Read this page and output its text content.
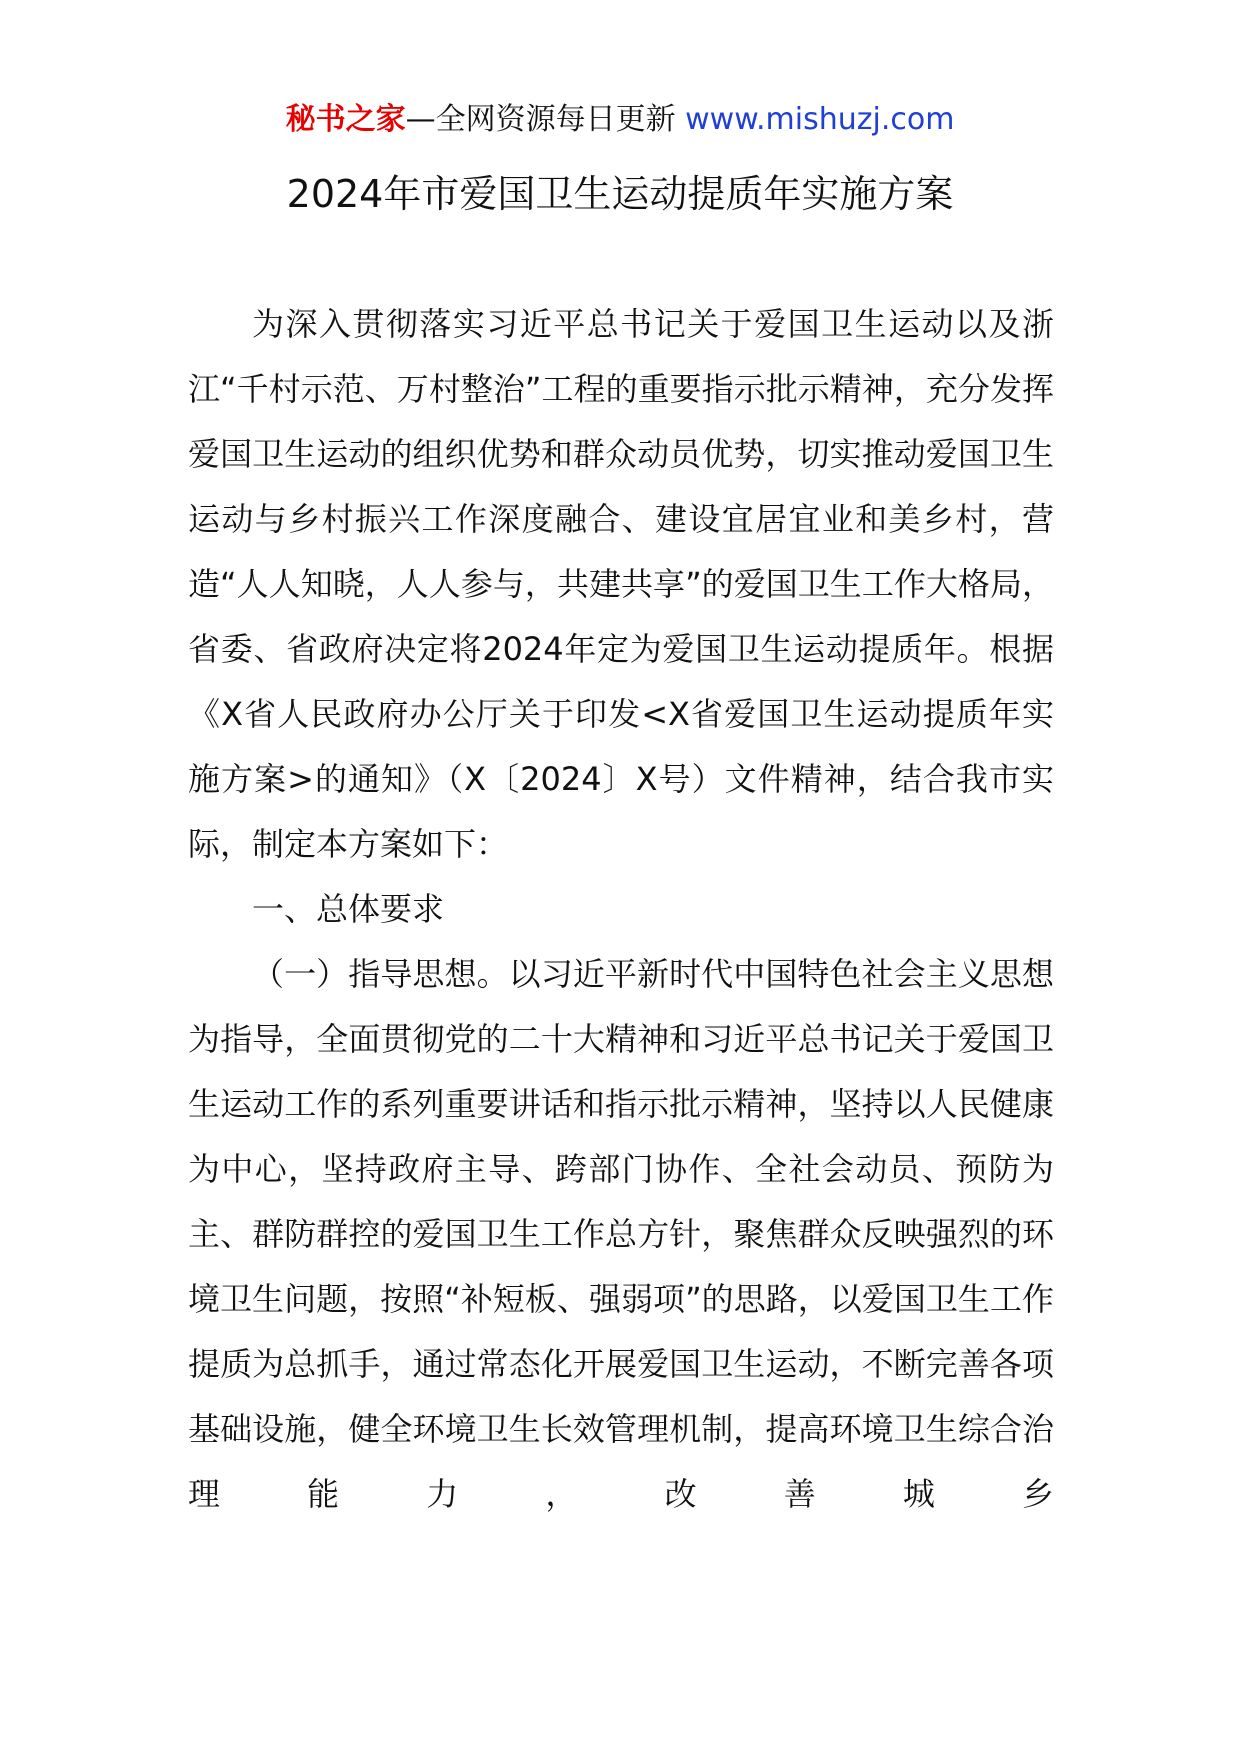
秘书之家—全网资源每日更新 www.mishuzj.com
2024年市爱国卫生运动提质年实施方案

为深入贯彻落实习近平总书记关于爱国卫生运动以及浙江“千村示范、万村整治”工程的重要指示批示精神，充分发挥爱国卫生运动的组织优势和群众动员优势，切实推动爱国卫生运动与乡村振兴工作深度融合、建设宜居宜业和美乡村，营造“人人知晓，人人参与，共建共享”的爱国卫生工作大格局，省委、省政府决定将2024年定为爱国卫生运动提质年。根据《X省人民政府办公厅关于印发<X省爱国卫生运动提质年实施方案>的通知》（X〔2024〕X号）文件精神，结合我市实际，制定本方案如下：

一、总体要求

（一）指导思想。以习近平新时代中国特色社会主义思想为指导，全面贯彻党的二十大精神和习近平总书记关于爱国卫生运动工作的系列重要讲话和指示批示精神，坚持以人民健康为中心，坚持政府主导、跨部门协作、全社会动员、预防为主、群防群控的爱国卫生工作总方针，聚焦群众反映强烈的环境卫生问题，按照“补短板、强弱项”的思路，以爱国卫生工作提质为总抓手，通过常态化开展爱国卫生运动，不断完善各项基础设施，健全环境卫生长效管理机制，提高环境卫生综合治理能力，改善城乡
